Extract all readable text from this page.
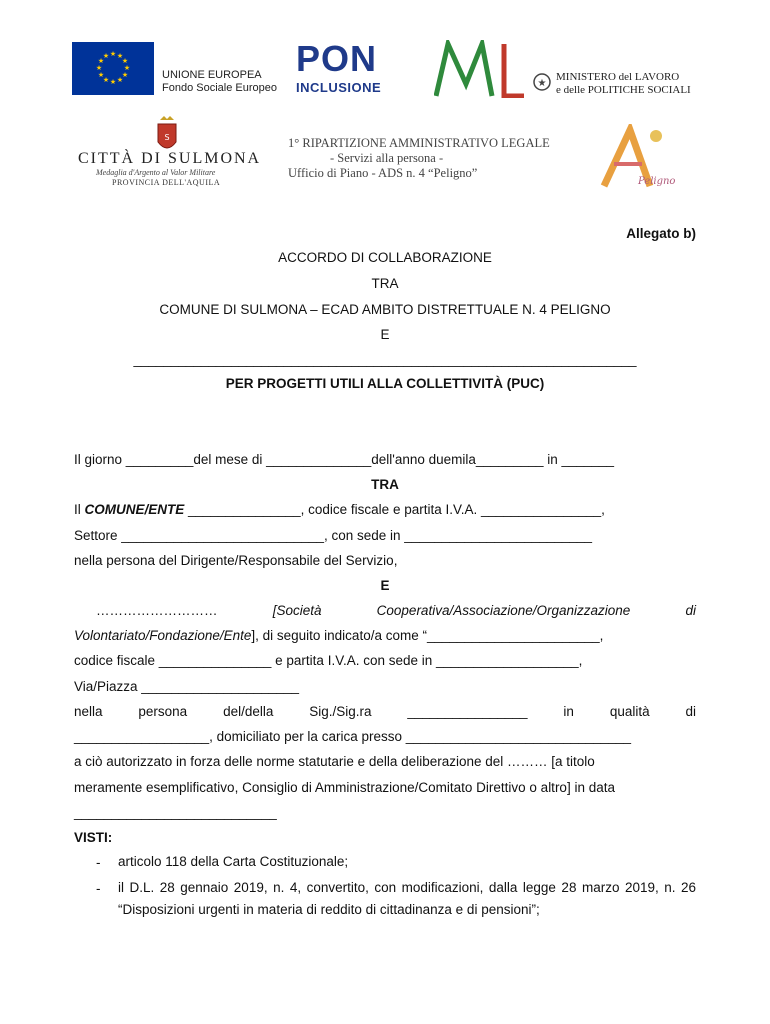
★ ★
★
★
★
★
★
★
★
★
★
★
UNIONE EUROPEA
Fondo Sociale Europeo
PON
INCLUSIONE	★
MINISTERO del LAVORO
e delle POLITICHE SOCIALI
S
CITTÀ DI SULMONA
Medaglia d'Argento al Valor Militare
PROVINCIA DELL'AQUILA
1° RIPARTIZIONE AMMINISTRATIVO LEGALE
- Servizi alla persona -
Ufficio di Piano - ADS n. 4 “Peligno”
Peligno
Allegato b)
ACCORDO DI COLLABORAZIONE
TRA
COMUNE DI SULMONA – ECAD AMBITO DISTRETTUALE N. 4 PELIGNO
E
___________________________________________________________________
PER PROGETTI UTILI ALLA COLLETTIVITÀ (PUC)
Il giorno _________del mese di ______________dell'anno duemila_________ in _______
TRA
Il COMUNE/ENTE _______________, codice fiscale e partita I.V.A. ________________,
Settore ___________________________, con sede in _________________________
nella persona del Dirigente/Responsabile del Servizio,
E
………………………	[Società	Cooperativa/Associazione/Organizzazione	di
Volontariato/Fondazione/Ente], di seguito indicato/a come “_______________________,
codice fiscale _______________ e partita I.V.A. con sede in ___________________,
Via/Piazza _____________________
nella	persona	del/della	Sig./Sig.ra	________________	in	qualità	di
__________________, domiciliato per la carica presso ______________________________
a ciò autorizzato in forza delle norme statutarie e della deliberazione del ……… [a titolo
meramente esemplificativo, Consiglio di Amministrazione/Comitato Direttivo o altro] in data
___________________________
VISTI:
- articolo 118 della Carta Costituzionale;
- il D.L. 28 gennaio 2019, n. 4, convertito, con modificazioni, dalla legge 28 marzo 2019, n. 26 “Disposizioni urgenti in materia di reddito di cittadinanza e di pensioni”;
